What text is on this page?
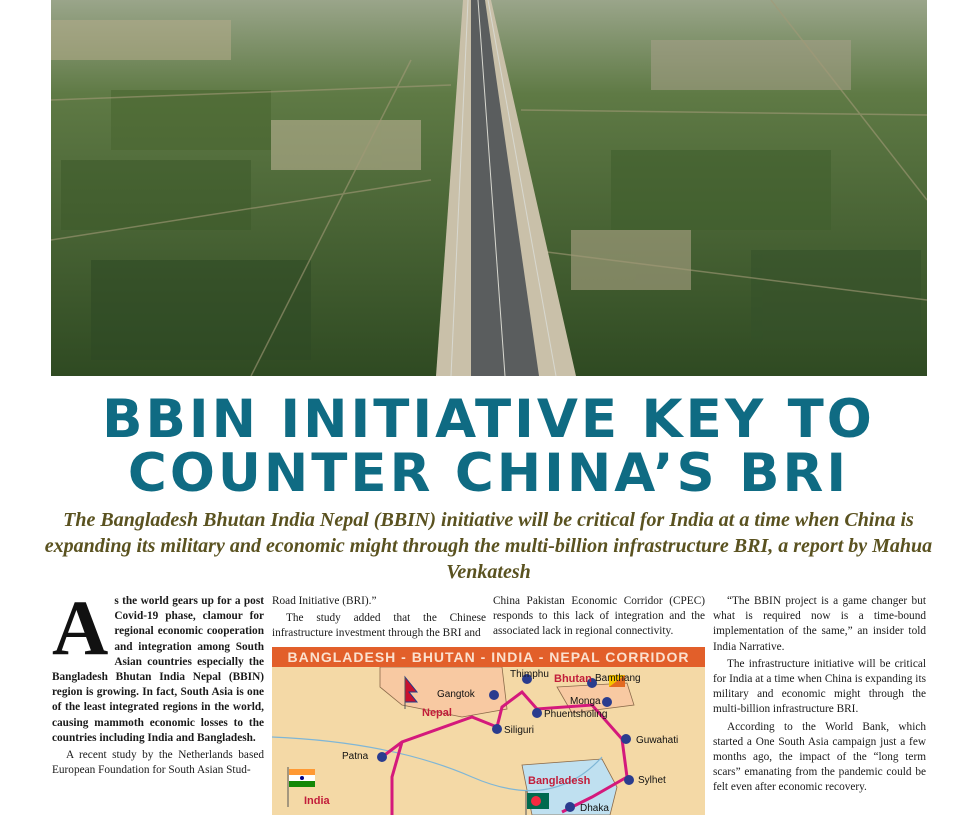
BBIN INITIATIVE KEY TO
COUNTER CHINA’S BRI
The Bangladesh Bhutan India Nepal (BBIN) initiative will be critical for India at a time when China is expanding its military and economic might through the multi-billion infrastructure BRI, a report by Mahua Venkatesh
A s the world gears up for a post Covid-19 phase, clamour for regional economic cooperation and integration among South Asian countries especially the Bangladesh Bhutan India Nepal (BBIN) region is growing. In fact, South Asia is one of the least integrated regions in the world, causing mammoth economic losses to the countries including India and Bangladesh.

A recent study by the Netherlands based European Foundation for South Asian Stud-

Road Initiative (BRI).”

The study added that the Chinese infrastructure investment through the BRI and

China Pakistan Economic Corridor (CPEC) responds to this lack of integration and the associated lack in regional connectivity.

“The BBIN project is a game changer but what is required now is a time-bound implementation of the same,” an insider told India Narrative.

The infrastructure initiative will be critical for India at a time when China is expanding its military and economic might through the multi-billion infrastructure BRI.

According to the World Bank, which started a One South Asia campaign just a few months ago, the impact of the “long term scars” emanating from the pandemic could be felt even after economic recovery.

BANGLADESH - BHUTAN - INDIA - NEPAL CORRIDOR
Nepal
Bhutan
Bangladesh
India
Gangtok
Thimphu	Bamthang
Monga
Phuentsholing
Siliguri
Guwahati
Patna
Sylhet
Dhaka
